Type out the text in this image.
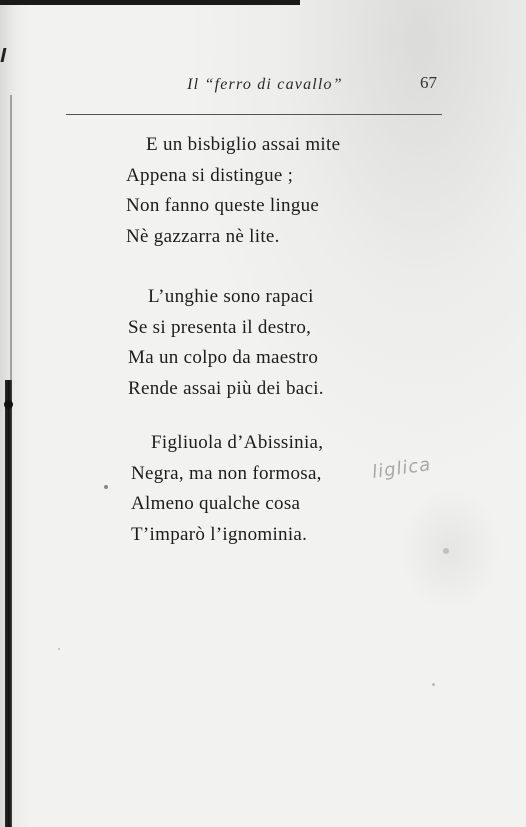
Il “ferro di cavallo”	67
E un bisbiglio assai mite
Appena si distingue ;
Non fanno queste lingue
Nè gazzarra nè lite.
L’unghie sono rapaci
Se si presenta il destro,
Ma un colpo da maestro
Rende assai più dei baci.
Figliuola d’Abissinia,
Negra, ma non formosa,
Almeno qualche cosa
T’imparò l’ignominia.
liglica
